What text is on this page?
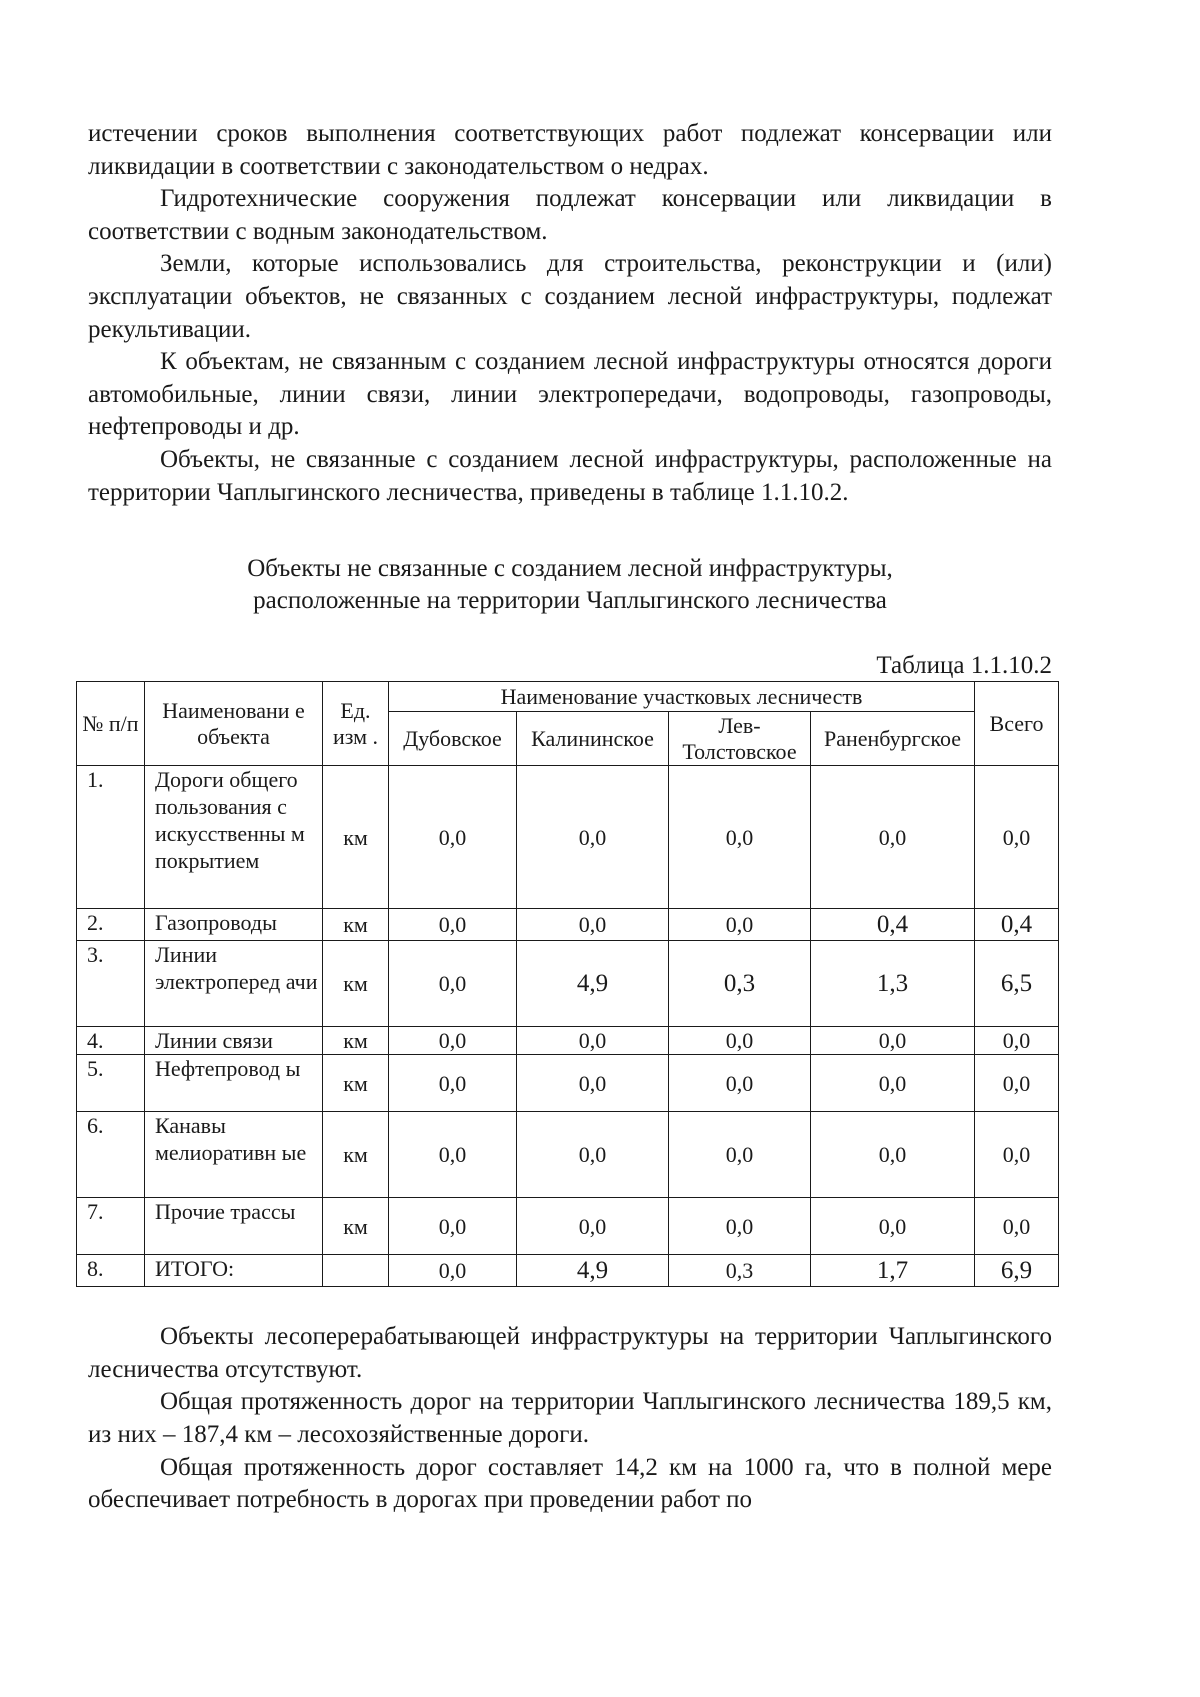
истечении сроков выполнения соответствующих работ подлежат консервации или ликвидации в соответствии с законодательством о недрах.

Гидротехнические сооружения подлежат консервации или ликвидации в соответствии с водным законодательством.

Земли, которые использовались для строительства, реконструкции и (или) эксплуатации объектов, не связанных с созданием лесной инфраструктуры, подлежат рекультивации.

К объектам, не связанным с созданием лесной инфраструктуры относятся дороги автомобильные, линии связи, линии электропередачи, водопроводы, газопроводы, нефтепроводы и др.

Объекты, не связанные с созданием лесной инфраструктуры, расположенные на территории Чаплыгинского лесничества, приведены в таблице 1.1.10.2.

Объекты не связанные с созданием лесной инфраструктуры,
расположенные на территории Чаплыгинского лесничества
Таблица 1.1.10.2
№ п/п	Наименовани е объекта	Ед. изм .	Наименование участковых лесничеств				Всего
			Дубовское	Калининское	Лев-Толстовское	Раненбургское	
1.	Дороги общего пользования с искусственны м покрытием	км	0,0	0,0	0,0	0,0	0,0
2.	Газопроводы	км	0,0	0,0	0,0	0,4	0,4
3.	Линии электроперед ачи	км	0,0	4,9	0,3	1,3	6,5
4.	Линии связи	км	0,0	0,0	0,0	0,0	0,0
5.	Нефтепровод ы	км	0,0	0,0	0,0	0,0	0,0
6.	Канавы мелиоративн ые	км	0,0	0,0	0,0	0,0	0,0
7.	Прочие трассы	км	0,0	0,0	0,0	0,0	0,0
8.	ИТОГО:		0,0	4,9	0,3	1,7	6,9

Объекты лесоперерабатывающей инфраструктуры на территории Чаплыгинского лесничества отсутствуют.

Общая протяженность дорог на территории Чаплыгинского лесничества 189,5 км, из них – 187,4 км – лесохозяйственные дороги.

Общая протяженность дорог составляет 14,2 км на 1000 га, что в полной мере обеспечивает потребность в дорогах при проведении работ по
